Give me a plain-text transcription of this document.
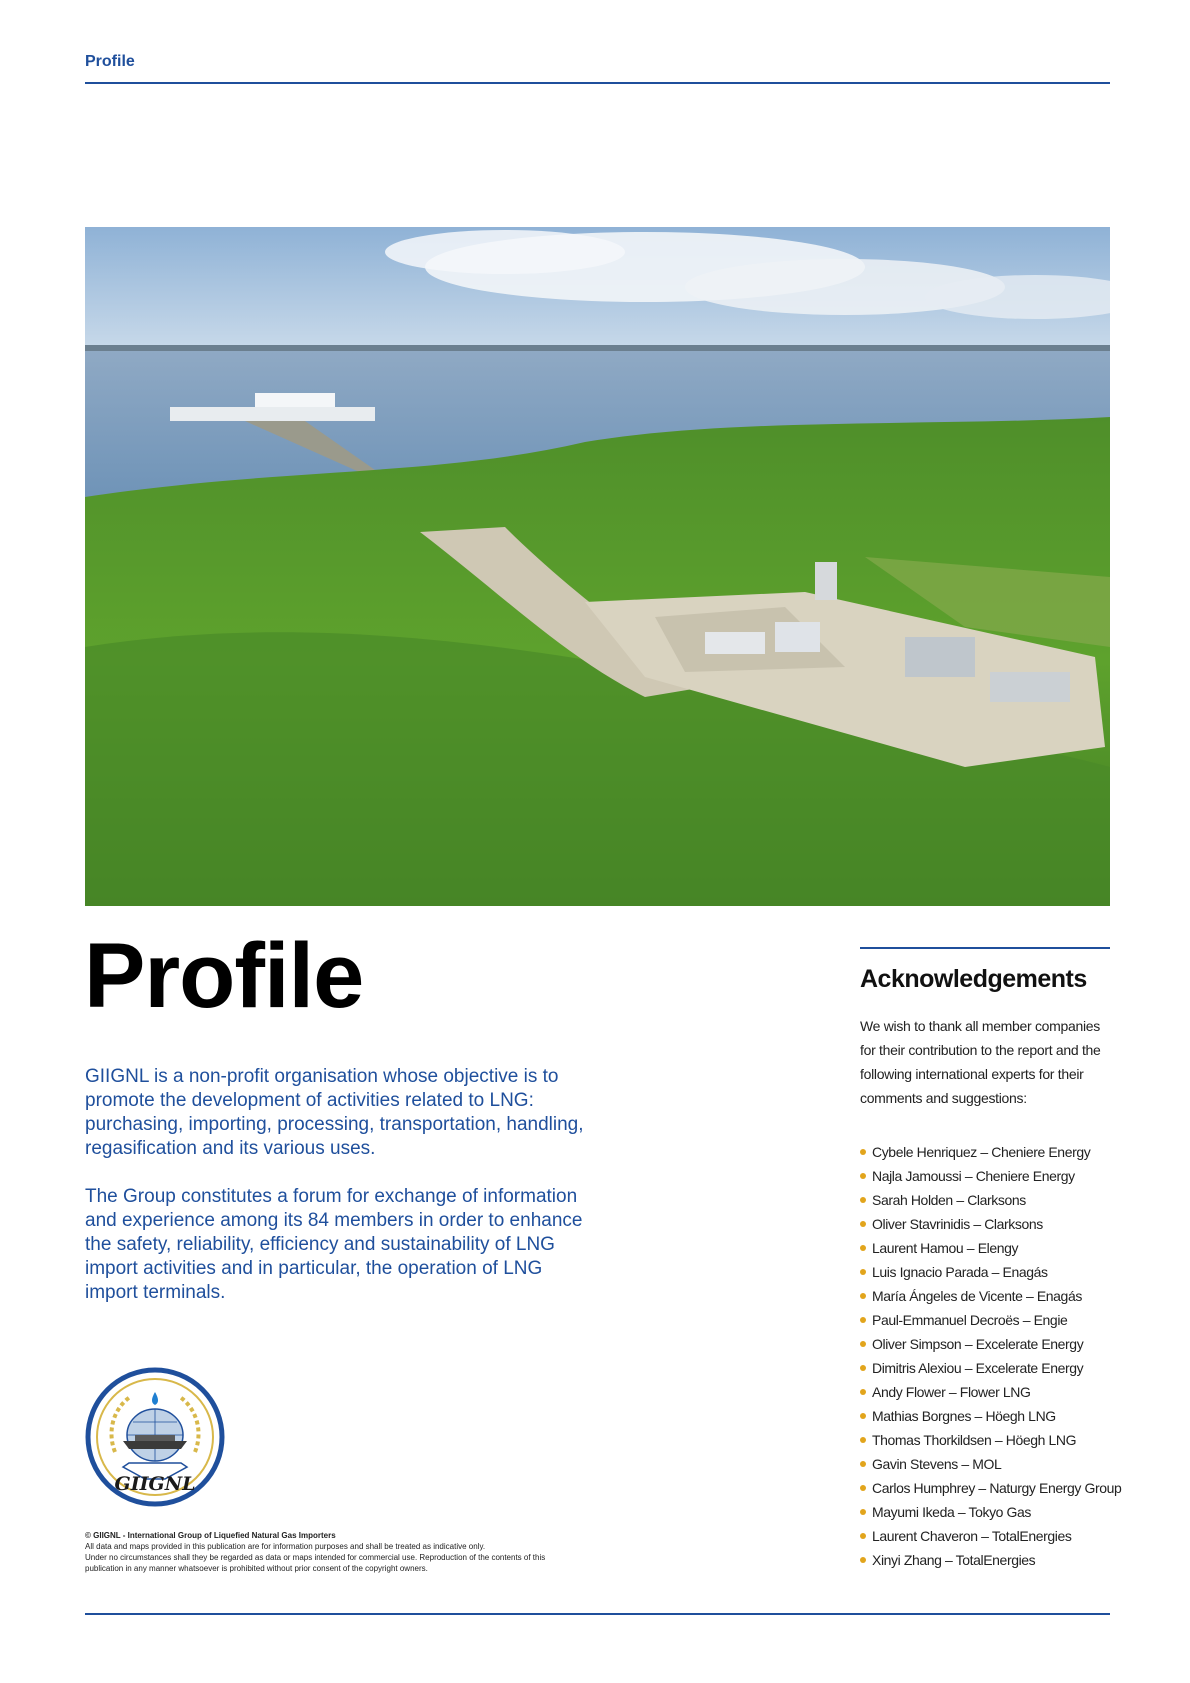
Profile
Profile

GIIGNL is a non-profit organisation whose objective is to promote the development of activities related to LNG: purchasing, importing, processing, transportation, handling, regasification and its various uses.

The Group constitutes a forum for exchange of information and experience among its 84 members in order to enhance the safety, reliability, efficiency and sustainability of LNG import activities and in particular, the operation of LNG import terminals.

GIIGNL
© GIIGNL - International Group of Liquefied Natural Gas Importers
All data and maps provided in this publication are for information purposes and shall be treated as indicative only.
Under no circumstances shall they be regarded as data or maps intended for commercial use. Reproduction of the contents of this publication in any manner whatsoever is prohibited without prior consent of the copyright owners.
Acknowledgements
We wish to thank all member companies for their contribution to the report and the following international experts for their comments and suggestions:
Cybele Henriquez – Cheniere Energy
Najla Jamoussi – Cheniere Energy
Sarah Holden – Clarksons
Oliver Stavrinidis – Clarksons
Laurent Hamou – Elengy
Luis Ignacio Parada – Enagás
María Ángeles de Vicente – Enagás
Paul-Emmanuel Decroës – Engie
Oliver Simpson – Excelerate Energy
Dimitris Alexiou – Excelerate Energy
Andy Flower – Flower LNG
Mathias Borgnes – Höegh LNG
Thomas Thorkildsen – Höegh LNG
Gavin Stevens – MOL
Carlos Humphrey – Naturgy Energy Group
Mayumi Ikeda – Tokyo Gas
Laurent Chaveron – TotalEnergies
Xinyi Zhang – TotalEnergies
